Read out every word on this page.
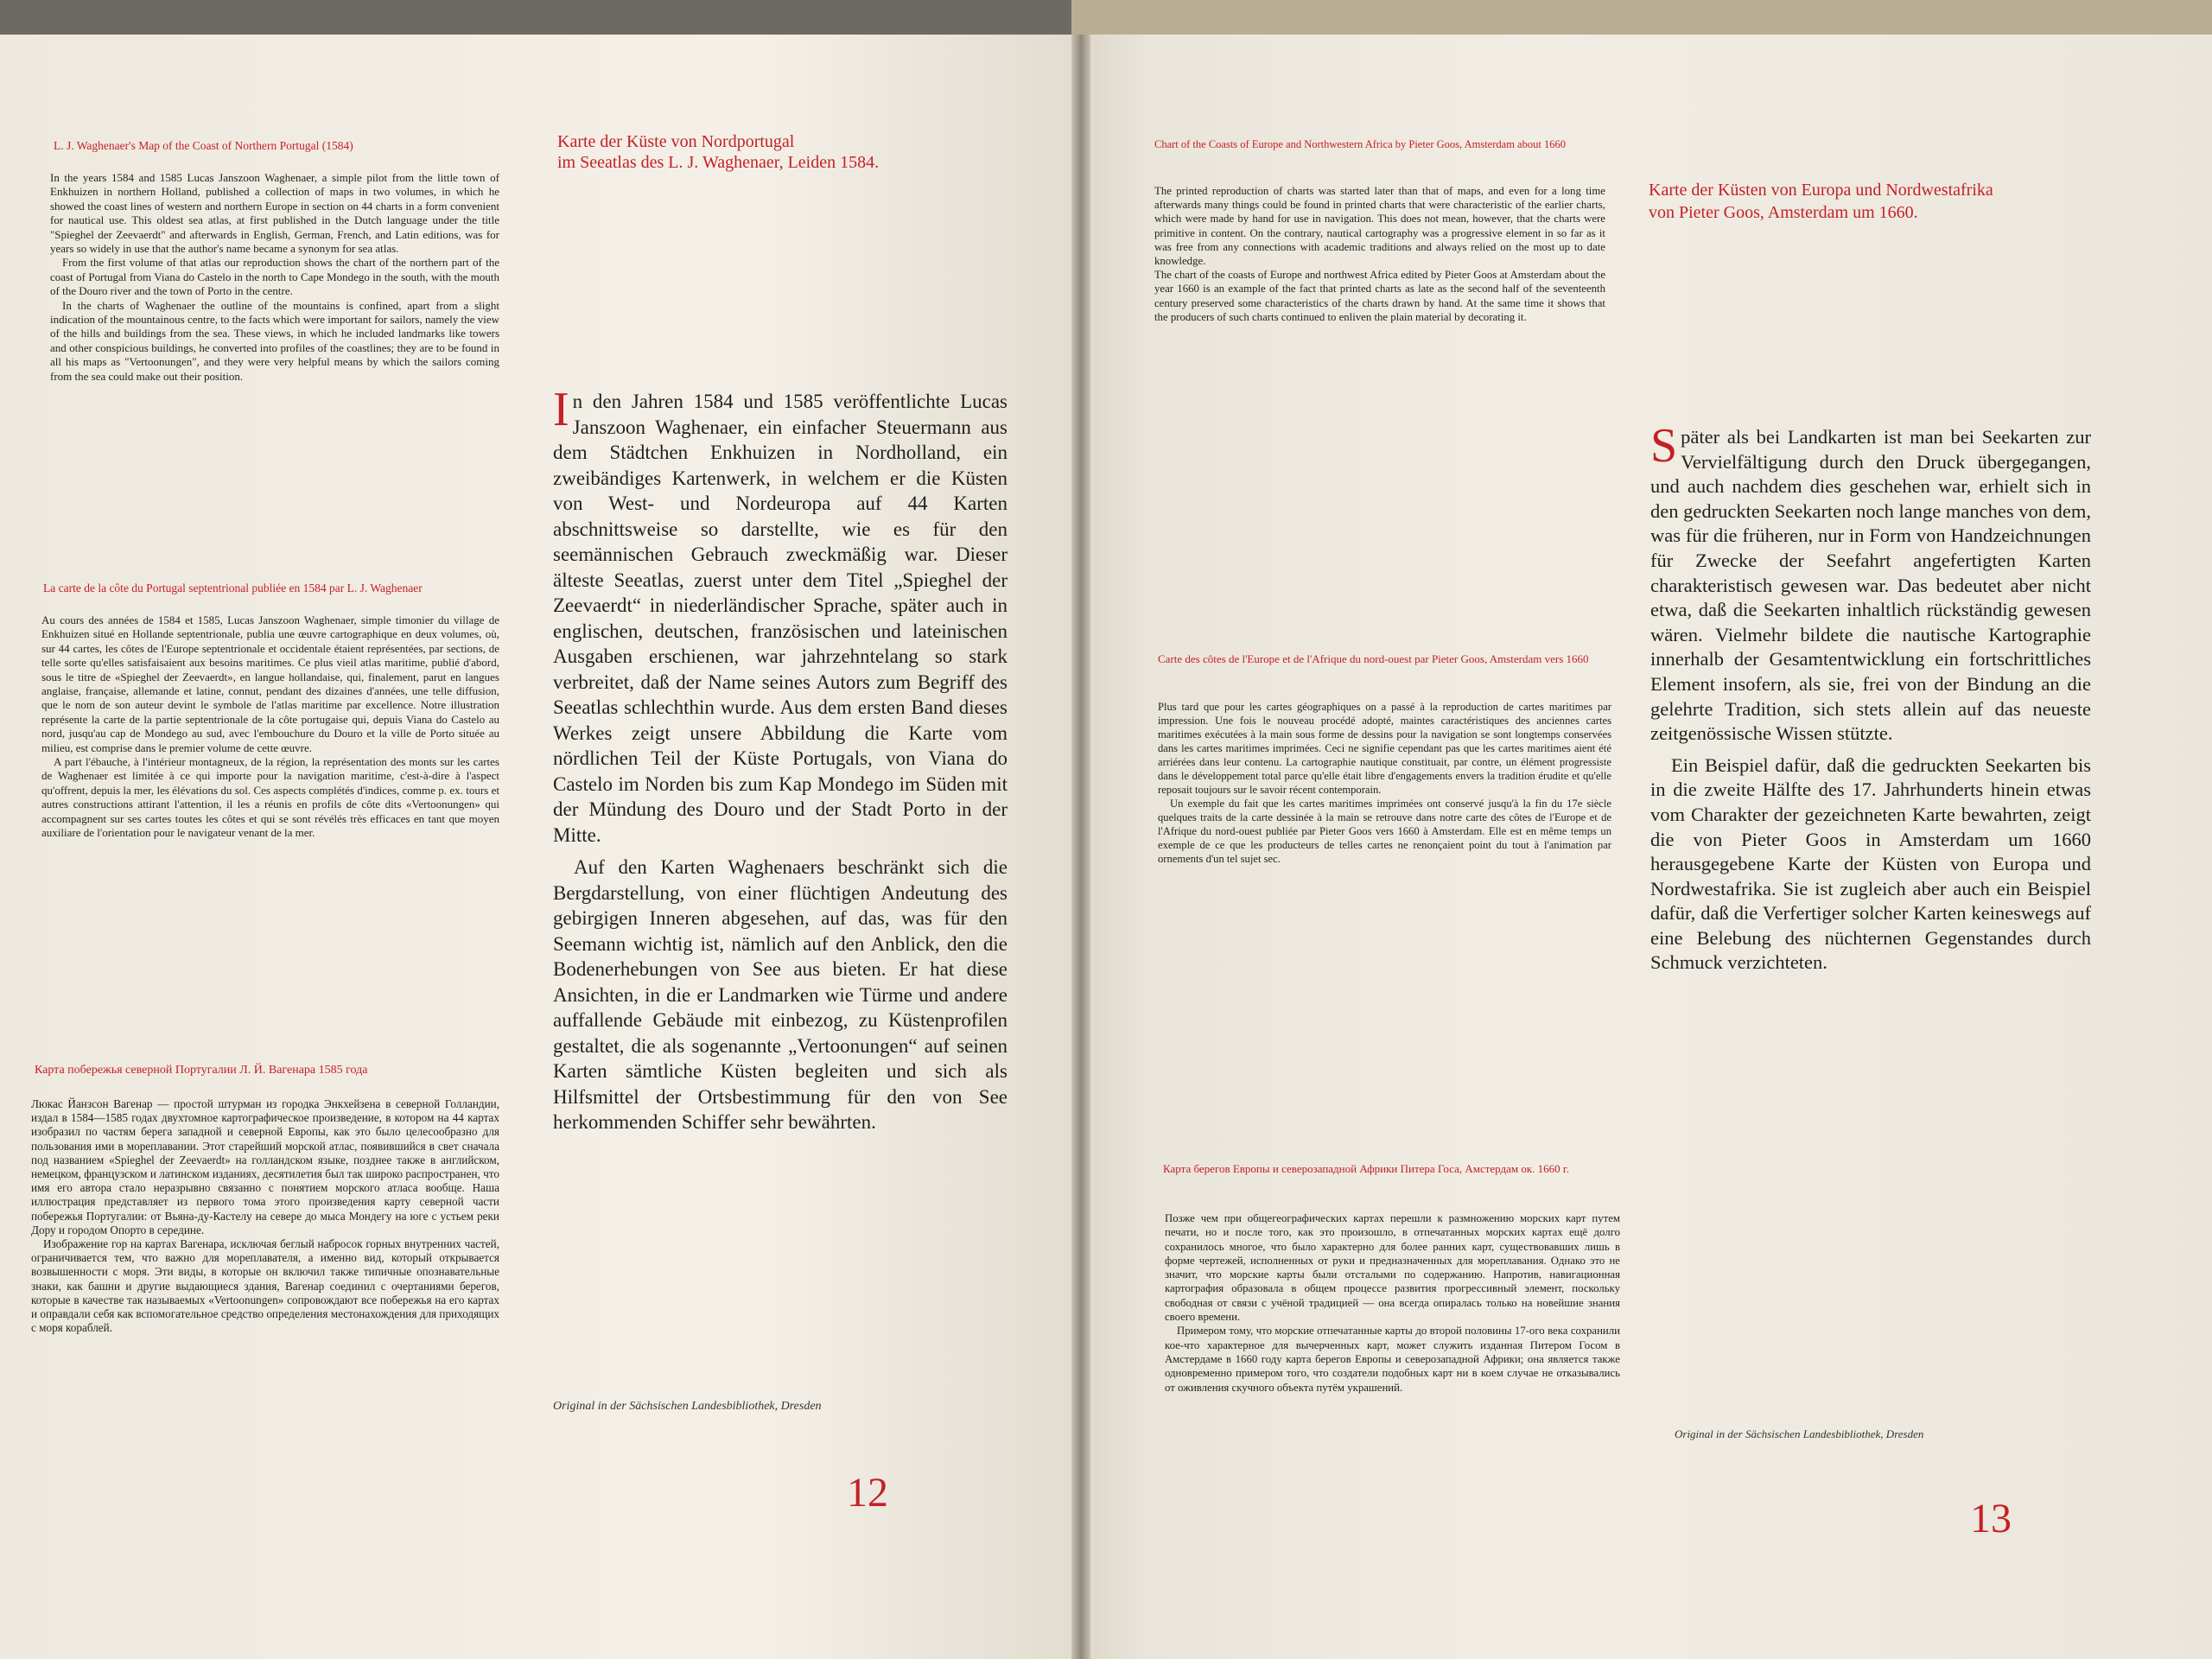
L. J. Waghenaer's Map of the Coast of Northern Portugal (1584)

In the years 1584 and 1585 Lucas Janszoon Waghenaer, a simple pilot from the little town of Enkhuizen in northern Holland, published a collection of maps in two volumes, in which he showed the coast lines of western and northern Europe in section on 44 charts in a form convenient for nautical use. This oldest sea atlas, at first published in the Dutch language under the title "Spieghel der Zeevaerdt" and afterwards in English, German, French, and Latin editions, was for years so widely in use that the author's name became a synonym for sea atlas.

From the first volume of that atlas our reproduction shows the chart of the northern part of the coast of Portugal from Viana do Castelo in the north to Cape Mondego in the south, with the mouth of the Douro river and the town of Porto in the centre.

In the charts of Waghenaer the outline of the mountains is confined, apart from a slight indication of the mountainous centre, to the facts which were important for sailors, namely the view of the hills and buildings from the sea. These views, in which he included landmarks like towers and other conspicious buildings, he converted into profiles of the coastlines; they are to be found in all his maps as "Vertoonungen", and they were very helpful means by which the sailors coming from the sea could make out their position.

La carte de la côte du Portugal septentrional publiée en 1584 par L. J. Waghenaer

Au cours des années de 1584 et 1585, Lucas Janszoon Waghenaer, simple timonier du village de Enkhuizen situé en Hollande septentrionale, publia une œuvre cartographique en deux volumes, où, sur 44 cartes, les côtes de l'Europe septentrionale et occidentale étaient représentées, par sections, de telle sorte qu'elles satisfaisaient aux besoins maritimes. Ce plus vieil atlas maritime, publié d'abord, sous le titre de «Spieghel der Zeevaerdt», en langue hollandaise, qui, finalement, parut en langues anglaise, française, allemande et latine, connut, pendant des dizaines d'années, une telle diffusion, que le nom de son auteur devint le symbole de l'atlas maritime par excellence. Notre illustration représente la carte de la partie septentrionale de la côte portugaise qui, depuis Viana do Castelo au nord, jusqu'au cap de Mondego au sud, avec l'embouchure du Douro et la ville de Porto située au milieu, est comprise dans le premier volume de cette œuvre.

A part l'ébauche, à l'intérieur montagneux, de la région, la représentation des monts sur les cartes de Waghenaer est limitée à ce qui importe pour la navigation maritime, c'est-à-dire à l'aspect qu'offrent, depuis la mer, les élévations du sol. Ces aspects complétés d'indices, comme p. ex. tours et autres constructions attirant l'attention, il les a réunis en profils de côte dits «Vertoonungen» qui accompagnent sur ses cartes toutes les côtes et qui se sont révélés très efficaces en tant que moyen auxiliare de l'orientation pour le navigateur venant de la mer.

Карта побережья северной Португалии Л. Й. Вагенара 1585 года

Люкас Йанзсон Вагенар — простой штурман из городка Энкхейзена в северной Голландии, издал в 1584—1585 годах двухтомное картографическое произведение, в котором на 44 картах изобразил по частям берега западной и северной Европы, как это было целесообразно для пользования ими в мореплавании. Этот старейший морской атлас, появившийся в свет сначала под названием «Spieghel der Zeevaerdt» на голландском языке, позднее также в английском, немецком, французском и латинском изданиях, десятилетия был так широко распространен, что имя его автора стало неразрывно связанно с понятием морского атласа вообще. Наша иллюстрация представляет из первого тома этого произведения карту северной части побережья Португалии: от Вьяна-ду-Кастелу на севере до мыса Мондегу на юге с устьем реки Дору и городом Опорто в середине.

Изображение гор на картах Вагенара, исключая беглый набросок горных внутренних частей, ограничивается тем, что важно для мореплавателя, а именно вид, который открывается возвышенности с моря. Эти виды, в которые он включил также типичные опознавательные знаки, как башни и другие выдающиеся здания, Вагенар соединил с очертаниями берегов, которые в качестве так называемых «Vertoonungen» сопровождают все побережья на его картах и оправдали себя как вспомогательное средство определения местонахождения для приходящих с моря кораблей.

Karte der Küste von Nordportugal

im Seeatlas des L. J. Waghenaer, Leiden 1584.

In den Jahren 1584 und 1585 veröffentlichte Lucas Janszoon Waghenaer, ein einfacher Steuermann aus dem Städtchen Enkhuizen in Nordholland, ein zweibändiges Kartenwerk, in welchem er die Küsten von West- und Nordeuropa auf 44 Karten abschnittsweise so darstellte, wie es für den seemännischen Gebrauch zweckmäßig war. Dieser älteste Seeatlas, zuerst unter dem Titel „Spieghel der Zeevaerdt“ in niederländischer Sprache, später auch in englischen, deutschen, französischen und lateinischen Ausgaben erschienen, war jahrzehntelang so stark verbreitet, daß der Name seines Autors zum Begriff des Seeatlas schlechthin wurde. Aus dem ersten Band dieses Werkes zeigt unsere Abbildung die Karte vom nördlichen Teil der Küste Portugals, von Viana do Castelo im Norden bis zum Kap Mondego im Süden mit der Mündung des Douro und der Stadt Porto in der Mitte.

Auf den Karten Waghenaers beschränkt sich die Bergdarstellung, von einer flüchtigen Andeutung des gebirgigen Inneren abgesehen, auf das, was für den Seemann wichtig ist, nämlich auf den Anblick, den die Bodenerhebungen von See aus bieten. Er hat diese Ansichten, in die er Landmarken wie Türme und andere auffallende Gebäude mit einbezog, zu Küstenprofilen gestaltet, die als sogenannte „Vertoonungen“ auf seinen Karten sämtliche Küsten begleiten und sich als Hilfsmittel der Ortsbestimmung für den von See herkommenden Schiffer sehr bewährten.

Original in der Sächsischen Landesbibliothek, Dresden

12

Chart of the Coasts of Europe and Northwestern Africa by Pieter Goos, Amsterdam about 1660

The printed reproduction of charts was started later than that of maps, and even for a long time afterwards many things could be found in printed charts that were characteristic of the earlier charts, which were made by hand for use in navigation. This does not mean, however, that the charts were primitive in content. On the contrary, nautical cartography was a progressive element in so far as it was free from any connections with academic traditions and always relied on the most up to date knowledge.

The chart of the coasts of Europe and northwest Africa edited by Pieter Goos at Amsterdam about the year 1660 is an example of the fact that printed charts as late as the second half of the seventeenth century preserved some characteristics of the charts drawn by hand. At the same time it shows that the producers of such charts continued to enliven the plain material by decorating it.

Carte des côtes de l'Europe et de l'Afrique du nord-ouest par Pieter Goos, Amsterdam vers 1660

Plus tard que pour les cartes géographiques on a passé à la reproduction de cartes maritimes par impression. Une fois le nouveau procédé adopté, maintes caractéristiques des anciennes cartes maritimes exécutées à la main sous forme de dessins pour la navigation se sont longtemps conservées dans les cartes maritimes imprimées. Ceci ne signifie cependant pas que les cartes maritimes aient été arriérées dans leur contenu. La cartographie nautique constituait, par contre, un élément progressiste dans le développement total parce qu'elle était libre d'engagements envers la tradition érudite et qu'elle reposait toujours sur le savoir récent contemporain.

Un exemple du fait que les cartes maritimes imprimées ont conservé jusqu'à la fin du 17e siècle quelques traits de la carte dessinée à la main se retrouve dans notre carte des côtes de l'Europe et de l'Afrique du nord-ouest publiée par Pieter Goos vers 1660 à Amsterdam. Elle est en même temps un exemple de ce que les producteurs de telles cartes ne renonçaient point du tout à l'animation par ornements d'un tel sujet sec.

Карта берегов Европы и северозападной Африки Питера Госа, Амстердам ок. 1660 г.

Позже чем при общегеографических картах перешли к размножению морских карт путем печати, но и после того, как это произошло, в отпечатанных морских картах ещё долго сохранилось многое, что было характерно для более ранних карт, существовавших лишь в форме чертежей, исполненных от руки и предназначенных для мореплавания. Однако это не значит, что морские карты были отсталыми по содержанию. Напротив, навигационная картография образовала в общем процессе развития прогрессивный элемент, поскольку свободная от связи с учёной традицией — она всегда опиралась только на новейшие знания своего времени.

Примером тому, что морские отпечатанные карты до второй половины 17-ого века сохранили кое-что характерное для вычерченных карт, может служить изданная Питером Госом в Амстердаме в 1660 году карта берегов Европы и северозападной Африки; она является также одновременно примером того, что создатели подобных карт ни в коем случае не отказывались от оживления скучного объекта путём украшений.

Karte der Küsten von Europa und Nordwestafrika

von Pieter Goos, Amsterdam um 1660.

Später als bei Landkarten ist man bei Seekarten zur Vervielfältigung durch den Druck übergegangen, und auch nachdem dies geschehen war, erhielt sich in den gedruckten Seekarten noch lange manches von dem, was für die früheren, nur in Form von Handzeichnungen für Zwecke der Seefahrt angefertigten Karten charakteristisch gewesen war. Das bedeutet aber nicht etwa, daß die Seekarten inhaltlich rückständig gewesen wären. Vielmehr bildete die nautische Kartographie innerhalb der Gesamtentwicklung ein fortschrittliches Element insofern, als sie, frei von der Bindung an die gelehrte Tradition, sich stets allein auf das neueste zeitgenössische Wissen stützte.

Ein Beispiel dafür, daß die gedruckten Seekarten bis in die zweite Hälfte des 17. Jahrhunderts hinein etwas vom Charakter der gezeichneten Karte bewahrten, zeigt die von Pieter Goos in Amsterdam um 1660 herausgegebene Karte der Küsten von Europa und Nordwestafrika. Sie ist zugleich aber auch ein Beispiel dafür, daß die Verfertiger solcher Karten keineswegs auf eine Belebung des nüchternen Gegenstandes durch Schmuck verzichteten.

Original in der Sächsischen Landesbibliothek, Dresden

13
